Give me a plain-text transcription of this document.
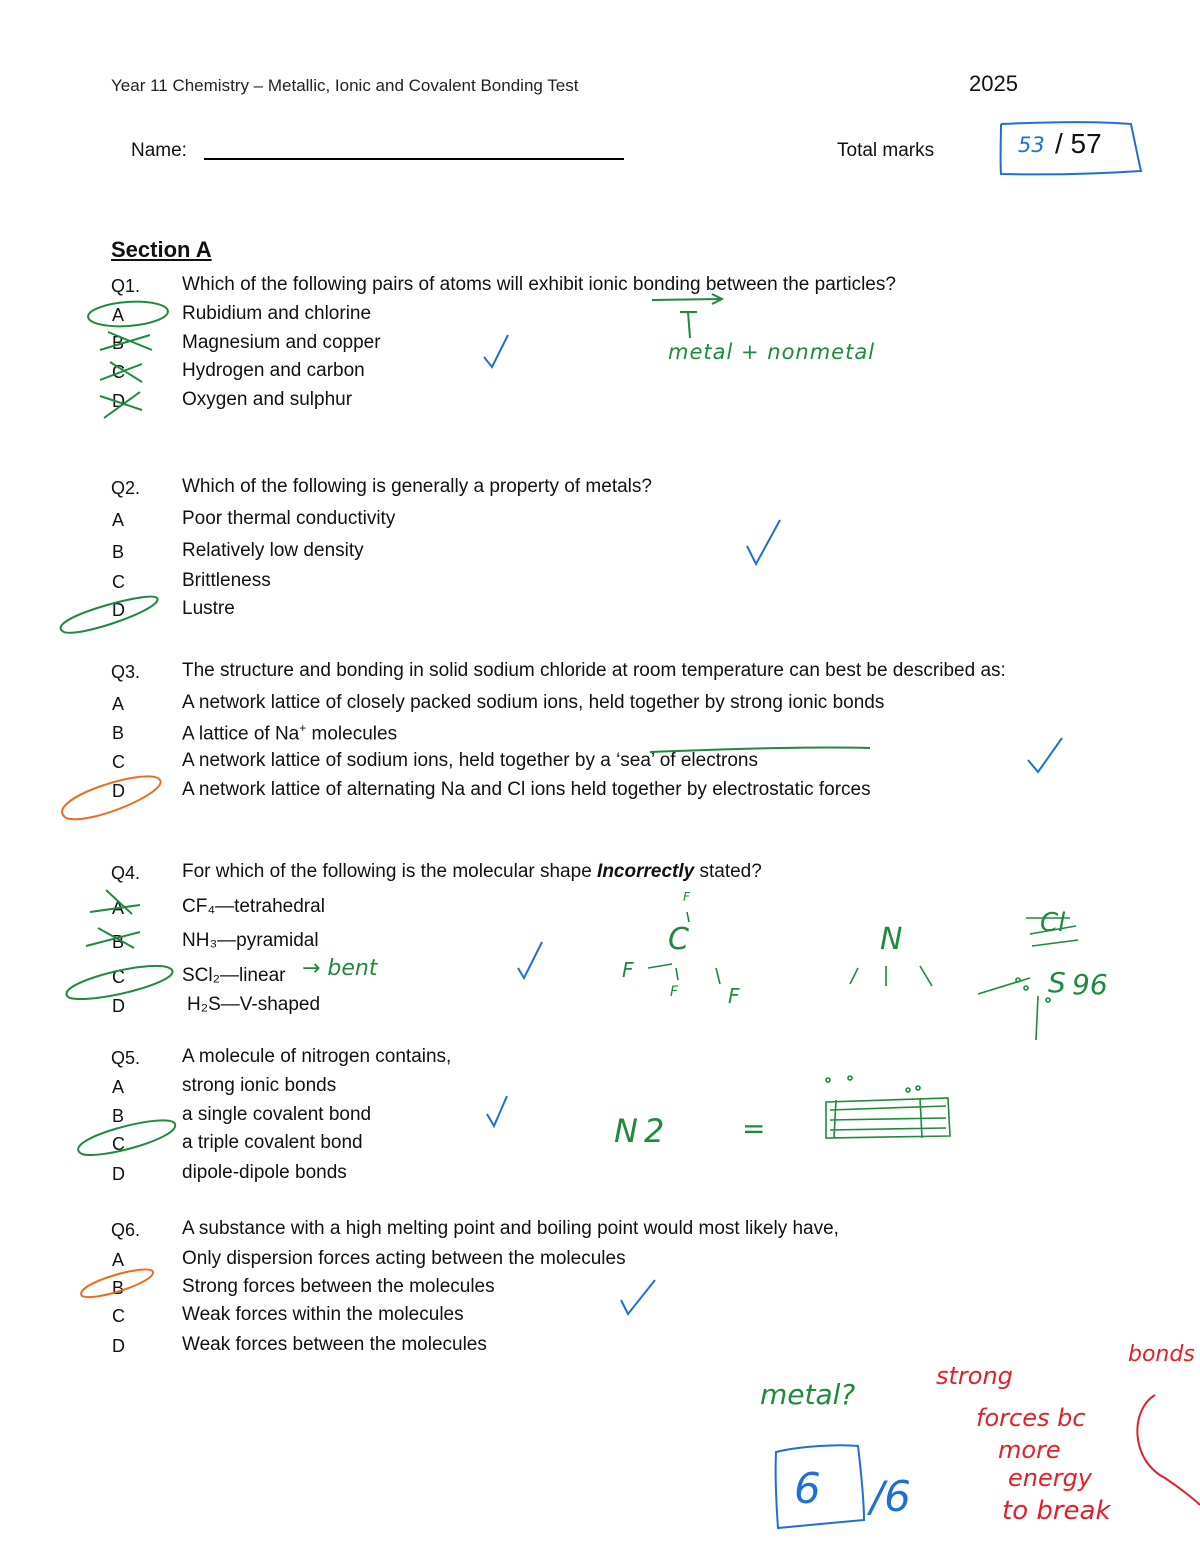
Year 11 Chemistry – Metallic, Ionic and Covalent Bonding Test	2025
Name:	Total marks	53 / 57
Section A
Q1. Which of the following pairs of atoms will exhibit ionic bonding between the particles?
A	Rubidium and chlorine
B	Magnesium and copper
C	Hydrogen and carbon
D	Oxygen and sulphur
Q2. Which of the following is generally a property of metals?
A	Poor thermal conductivity
B	Relatively low density
C	Brittleness
D	Lustre
Q3. The structure and bonding in solid sodium chloride at room temperature can best be described as:
A	A network lattice of closely packed sodium ions, held together by strong ionic bonds
B	A lattice of Na+ molecules
C	A network lattice of sodium ions, held together by a ‘sea’ of electrons
D	A network lattice of alternating Na and Cl ions held together by electrostatic forces
Q4. For which of the following is the molecular shape Incorrectly stated?
A	CF₄—tetrahedral
B	NH₃—pyramidal
C	SCl₂—linear
D	H₂S—V-shaped
Q5. A molecule of nitrogen contains,
A	strong ionic bonds
B	a single covalent bond
C	a triple covalent bond
D	dipole-dipole bonds
Q6. A substance with a high melting point and boiling point would most likely have,
A	Only dispersion forces acting between the molecules
B	Strong forces between the molecules
C	Weak forces within the molecules
D	Weak forces between the molecules
metal + nonmetal
→ bent
F
C
F
F F
N	Cl
S 96
N2	=
metal?
strong
bonds
forces bc
more
energy
to break
6 /6
